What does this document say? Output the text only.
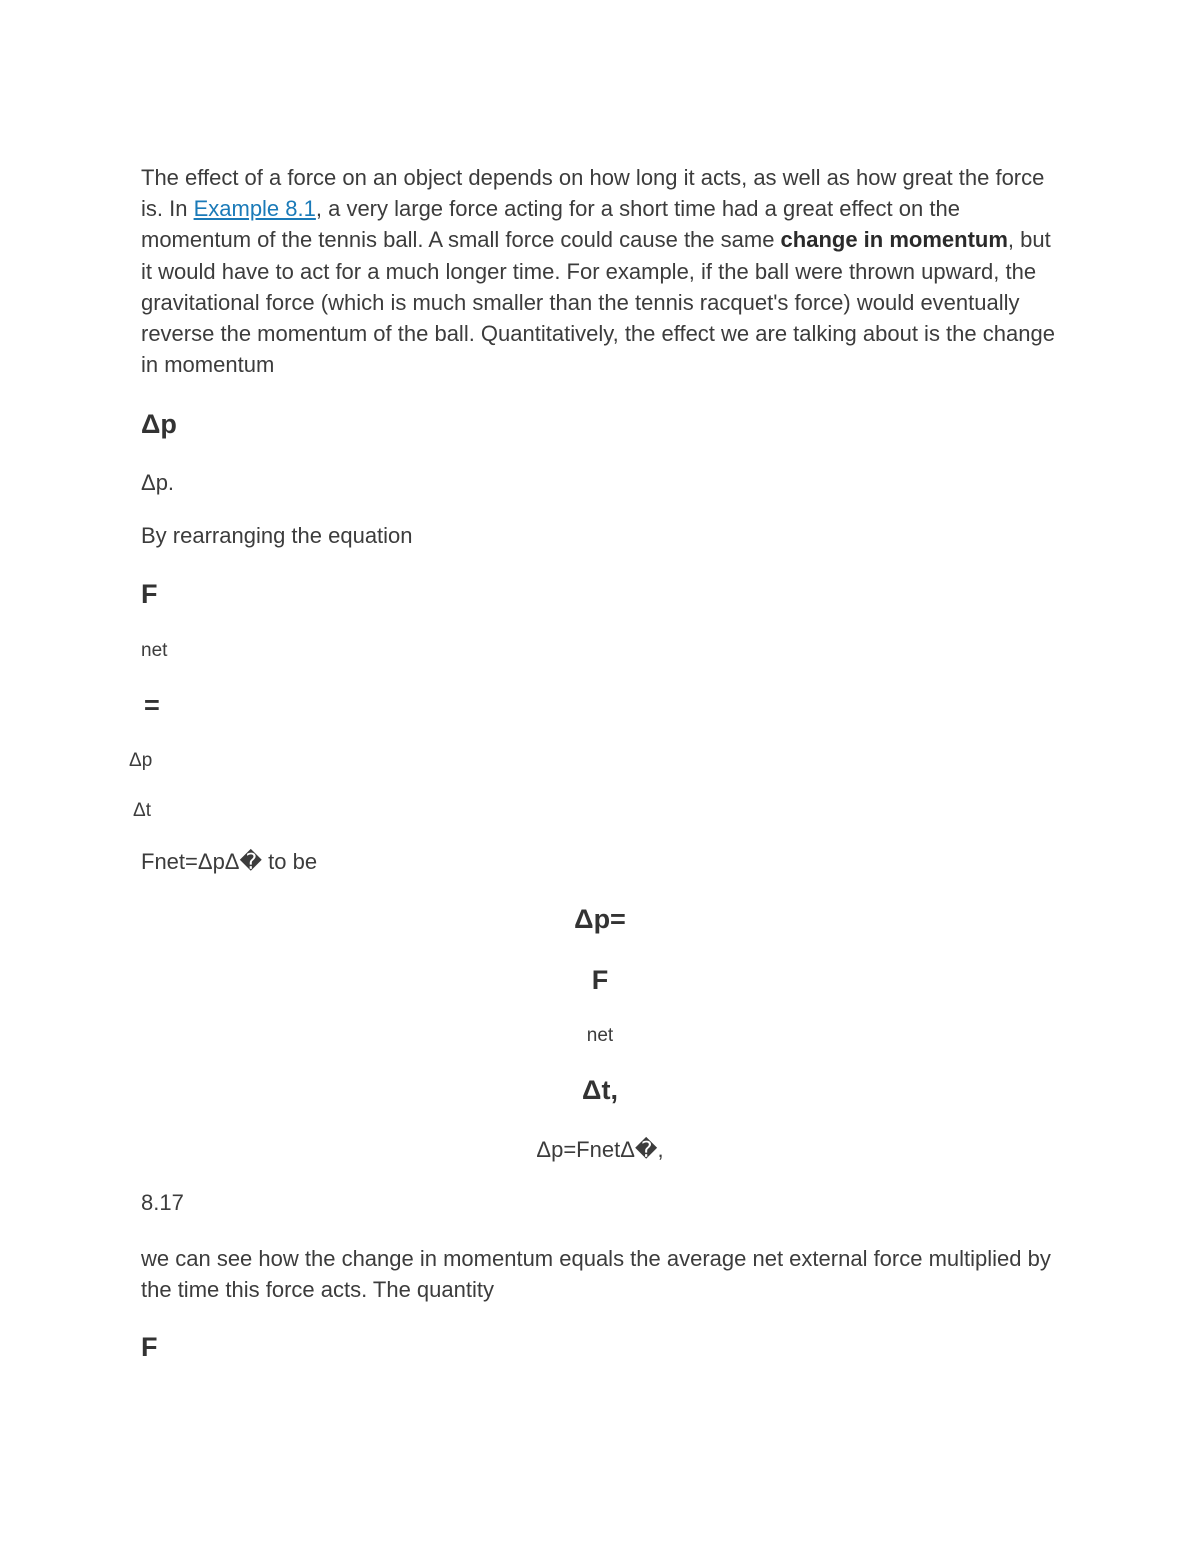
The effect of a force on an object depends on how long it acts, as well as how great the force is. In Example 8.1, a very large force acting for a short time had a great effect on the momentum of the tennis ball. A small force could cause the same change in momentum, but it would have to act for a much longer time. For example, if the ball were thrown upward, the gravitational force (which is much smaller than the tennis racquet's force) would eventually reverse the momentum of the ball. Quantitatively, the effect we are talking about is the change in momentum

Δp
Δp.
By rearranging the equation
F
net
=
Δp
Δt
Fnet=ΔpΔ� to be
Δp=
F
net
Δt,
Δp=FnetΔ�,
8.17

we can see how the change in momentum equals the average net external force multiplied by the time this force acts. The quantity

F
